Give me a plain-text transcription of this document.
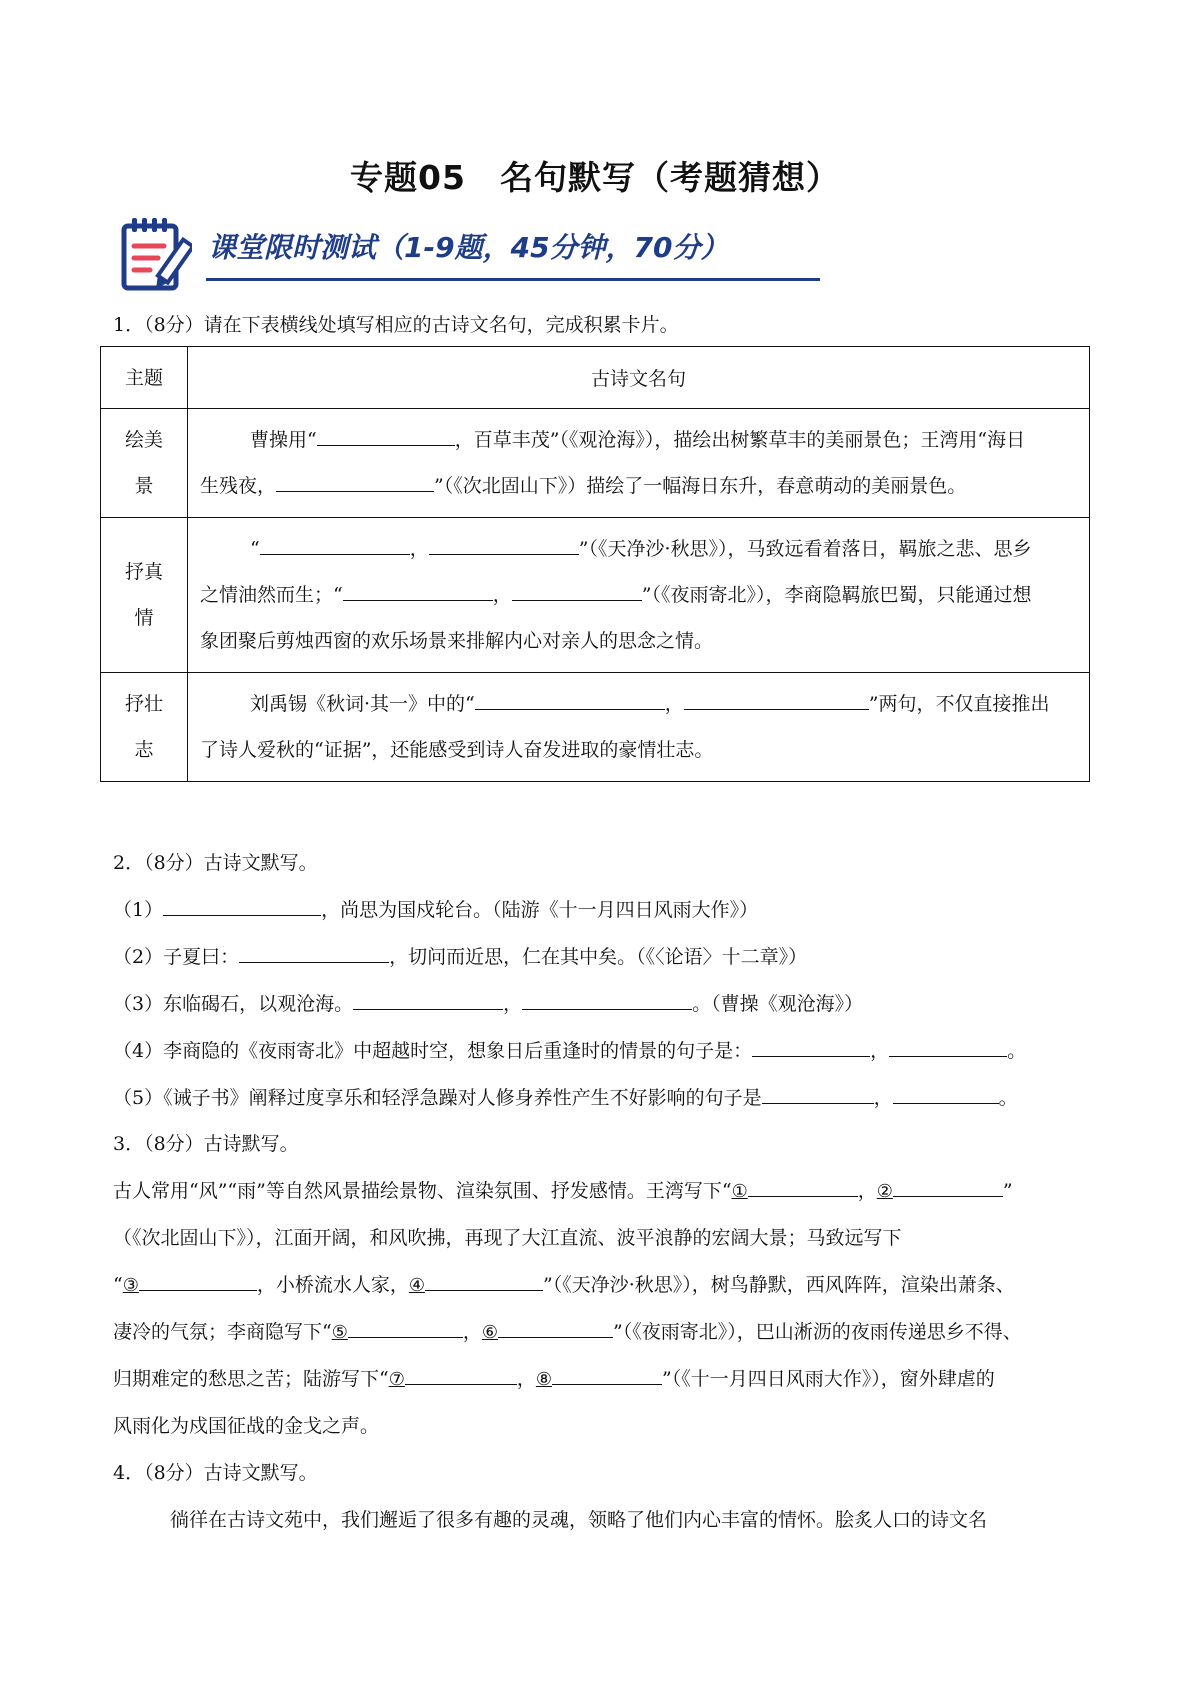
专题05　名句默写（考题猜想）
课堂限时测试（1-9题，45分钟，70分）
1．（8分）请在下表横线处填写相应的古诗文名句，完成积累卡片。
主题	古诗文名句
绘美
景	曹操用“ ，百草丰茂”（《观沧海》），描绘出树繁草丰的美丽景色；王湾用“海日
生残夜， ”（《次北固山下》）描绘了一幅海日东升，春意萌动的美丽景色。
抒真
情	“ ， ”（《天净沙·秋思》），马致远看着落日，羁旅之悲、思乡
之情油然而生；“ ， ”（《夜雨寄北》），李商隐羁旅巴蜀，只能通过想
象团聚后剪烛西窗的欢乐场景来排解内心对亲人的思念之情。
抒壮
志	刘禹锡《秋词·其一》中的“ ， ”两句，不仅直接推出
了诗人爱秋的“证据”，还能感受到诗人奋发进取的豪情壮志。
2．（8分）古诗文默写。
（1）	，尚思为国戍轮台。（陆游《十一月四日风雨大作》）
（2）子夏曰：	，切问而近思，仁在其中矣。（《〈论语〉十二章》）
（3）东临碣石，以观沧海。	，	。（曹操《观沧海》）
（4）李商隐的《夜雨寄北》中超越时空，想象日后重逢时的情景的句子是：	，	。
（5）《诫子书》阐释过度享乐和轻浮急躁对人修身养性产生不好影响的句子是	，	。
3．（8分）古诗默写。
古人常用“风”“雨”等自然风景描绘景物、渲染氛围、抒发感情。王湾写下“①	，②	”
（《次北固山下》），江面开阔，和风吹拂，再现了大江直流、波平浪静的宏阔大景；马致远写下
“③	，小桥流水人家，④	”（《天净沙·秋思》），树鸟静默，西风阵阵，渲染出萧条、
凄冷的气氛；李商隐写下“⑤	，⑥	”（《夜雨寄北》），巴山淅沥的夜雨传递思乡不得、
归期难定的愁思之苦；陆游写下“⑦	，⑧	”（《十一月四日风雨大作》），窗外肆虐的
风雨化为戍国征战的金戈之声。
4．（8分）古诗文默写。
徜徉在古诗文苑中，我们邂逅了很多有趣的灵魂，领略了他们内心丰富的情怀。脍炙人口的诗文名
